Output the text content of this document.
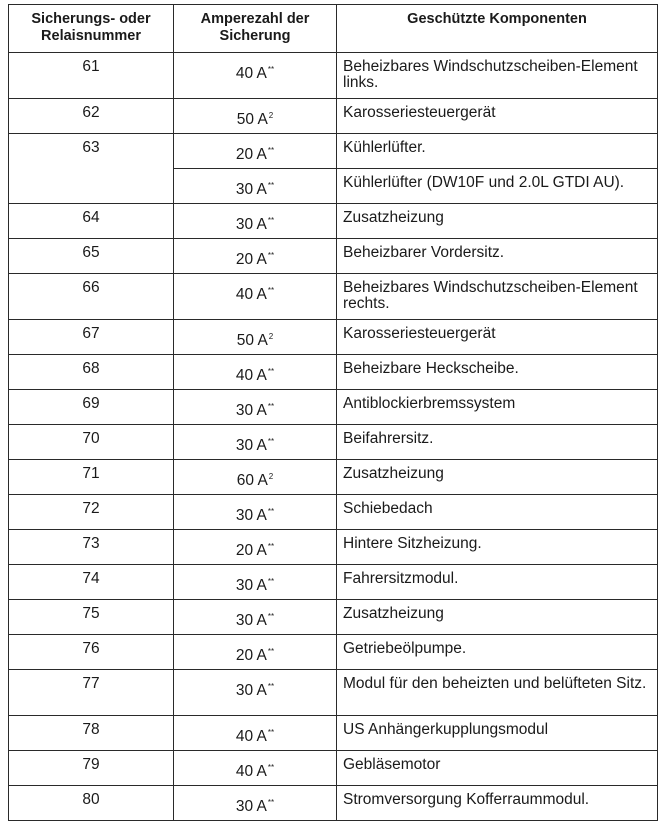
Sicherungs- oder Relaisnummer	Amperezahl der Sicherung	Geschützte Komponenten
61	40 A**	Beheizbares Windschutzscheiben-Element links.
62	50 $A^2$	Karosseriesteuergerät
63	20 A**	Kühlerlüfter.
	30 A**	Kühlerlüfter (DW10F und 2.0L GTDI AU).
64	30 A**	Zusatzheizung
65	20 A**	Beheizbarer Vordersitz.
66	40 A**	Beheizbares Windschutzscheiben-Element rechts.
67	50 $A^2$	Karosseriesteuergerät
68	40 A**	Beheizbare Heckscheibe.
69	30 A**	Antiblockierbremssystem
70	30 A**	Beifahrersitz.
71	60 $A^2$	Zusatzheizung
72	30 A**	Schiebedach
73	20 A**	Hintere Sitzheizung.
74	30 A**	Fahrersitzmodul.
75	30 A**	Zusatzheizung
76	20 A**	Getriebeölpumpe.
77	30 A**	Modul für den beheizten und belüfteten Sitz.
78	40 A**	US Anhängerkupplungsmodul
79	40 A**	Gebläsemotor
80	30 A**	Stromversorgung Kofferraummodul.
